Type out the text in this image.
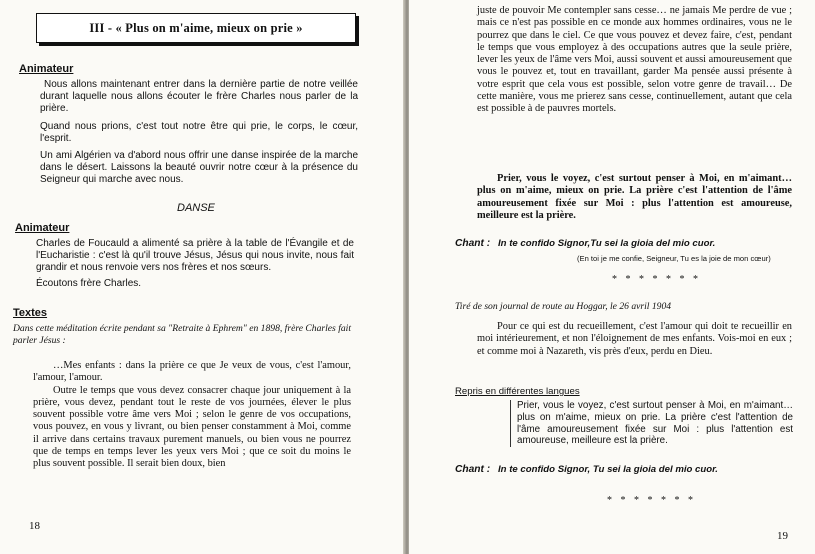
III - « Plus on m'aime, mieux on prie »
Animateur

Nous allons maintenant entrer dans la dernière partie de notre veillée durant laquelle nous allons écouter le frère Charles nous parler de la prière.

Quand nous prions, c'est tout notre être qui prie, le corps, le cœur, l'esprit.

Un ami Algérien va d'abord nous offrir une danse inspirée de la marche dans le désert. Laissons la beauté ouvrir notre cœur à la présence du Seigneur qui marche avec nous.

DANSE
Animateur

Charles de Foucauld a alimenté sa prière à la table de l'Évangile et de l'Eucharistie : c'est là qu'il trouve Jésus, Jésus qui nous invite, nous fait grandir et nous renvoie vers nos frères et nos sœurs.

Écoutons frère Charles.

Textes
Dans cette méditation écrite pendant sa "Retraite à Ephrem" en 1898, frère Charles fait parler Jésus :

…Mes enfants : dans la prière ce que Je veux de vous, c'est l'amour, l'amour, l'amour.

Outre le temps que vous devez consacrer chaque jour uniquement à la prière, vous devez, pendant tout le reste de vos journées, élever le plus souvent possible votre âme vers Moi ; selon le genre de vos occupations, vous pouvez, en vous y livrant, ou bien penser constamment à Moi, comme il arrive dans certains travaux purement manuels, ou bien vous ne pourrez que de temps en temps lever les yeux vers Moi ; que ce soit du moins le plus souvent possible. Il serait bien doux, bien

18
juste de pouvoir Me contempler sans cesse… ne jamais Me perdre de vue ; mais ce n'est pas possible en ce monde aux hommes ordinaires, vous ne le pourrez que dans le ciel. Ce que vous pouvez et devez faire, c'est, pendant le temps que vous employez à des occupations autres que la seule prière, lever les yeux de l'âme vers Moi, aussi souvent et aussi amoureusement que vous le pouvez et, tout en travaillant, garder Ma pensée aussi présente à votre esprit que cela vous est possible, selon votre genre de travail… De cette manière, vous me prierez sans cesse, continuellement, autant que cela est possible à de pauvres mortels.
Prier, vous le voyez, c'est surtout penser à Moi, en m'aimant… plus on m'aime, mieux on prie. La prière c'est l'attention de l'âme amoureusement fixée sur Moi : plus l'attention est amoureuse, meilleure est la prière.
Chant : In te confido Signor,Tu sei la gioia del mio cuor.
(En toi je me confie, Seigneur, Tu es la joie de mon cœur)
* * * * * * *
Tiré de son journal de route au Hoggar, le 26 avril 1904
Pour ce qui est du recueillement, c'est l'amour qui doit te recueillir en moi intérieurement, et non l'éloignement de mes enfants. Vois-moi en eux ; et comme moi à Nazareth, vis près d'eux, perdu en Dieu.
Repris en différentes langues
Prier, vous le voyez, c'est surtout penser à Moi, en m'aimant… plus on m'aime, mieux on prie. La prière c'est l'attention de l'âme amoureusement fixée sur Moi : plus l'attention est amoureuse, meilleure est la prière.
Chant : In te confido Signor, Tu sei la gioia del mio cuor.
* * * * * * *
19
